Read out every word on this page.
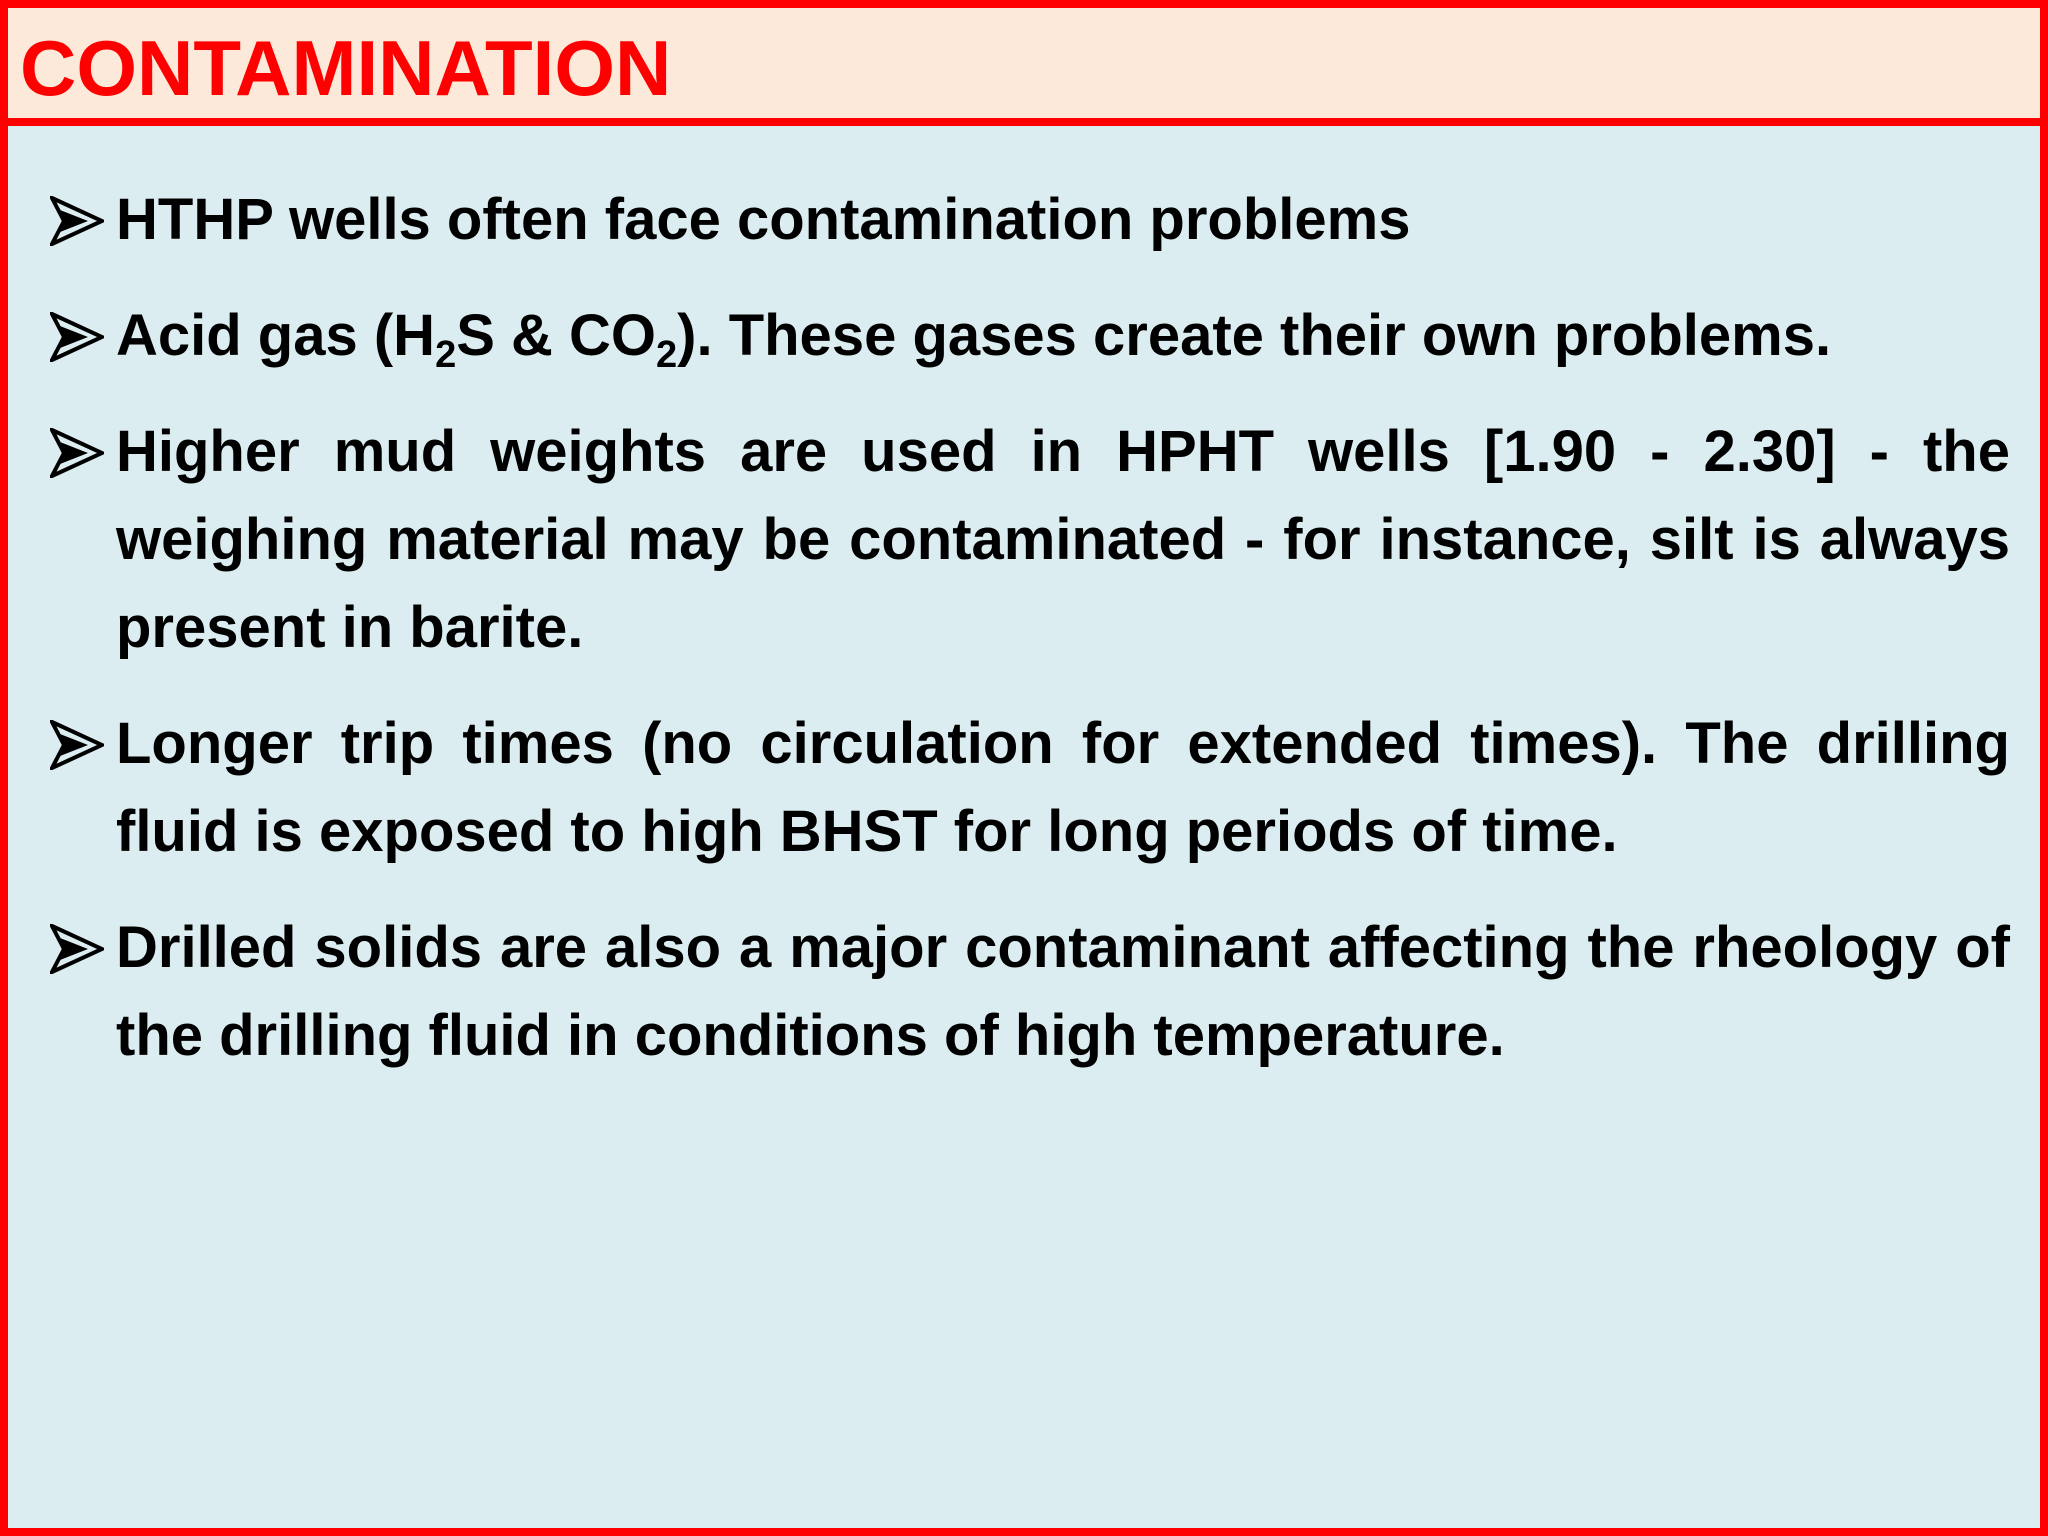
CONTAMINATION
HTHP wells often face contamination problems
Acid gas ($H_2S$ & $CO_2$). These gases create their own problems.
Higher mud weights are used in HPHT wells [1.90 - 2.30] - the weighing material may be contaminated - for instance, silt is always present in barite.
Longer trip times (no circulation for extended times). The drilling fluid is exposed to high BHST for long periods of time.
Drilled solids are also a major contaminant affecting the rheology of the drilling fluid in conditions of high temperature.
